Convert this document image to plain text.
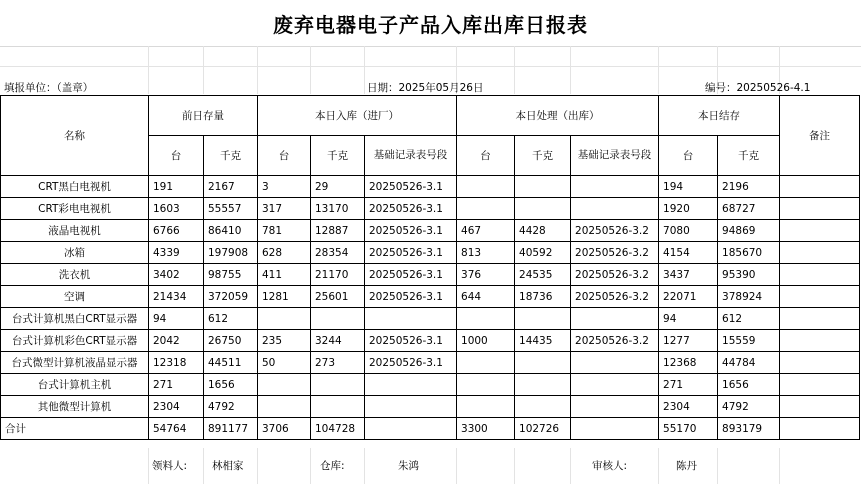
废弃电器电子产品入库出库日报表
填报单位：（盖章）	日期：2025年05月26日	编号：20250526-4.1
名称	前日存量		本日入库（进厂）			本日处理（出库）			本日结存		备注
	台	千克	台	千克	基础记录表号段	台	千克	基础记录表号段	台	千克	
CRT黑白电视机	191	2167	3	29	20250526-3.1				194	2196	
CRT彩电电视机	1603	55557	317	13170	20250526-3.1				1920	68727	
液晶电视机	6766	86410	781	12887	20250526-3.1	467	4428	20250526-3.2	7080	94869	
冰箱	4339	197908	628	28354	20250526-3.1	813	40592	20250526-3.2	4154	185670	
洗衣机	3402	98755	411	21170	20250526-3.1	376	24535	20250526-3.2	3437	95390	
空调	21434	372059	1281	25601	20250526-3.1	644	18736	20250526-3.2	22071	378924	
台式计算机黑白CRT显示器	94	612							94	612	
台式计算机彩色CRT显示器	2042	26750	235	3244	20250526-3.1	1000	14435	20250526-3.2	1277	15559	
台式微型计算机液晶显示器	12318	44511	50	273	20250526-3.1				12368	44784	
台式计算机主机	271	1656							271	1656	
其他微型计算机	2304	4792							2304	4792	
合计	54764	891177	3706	104728		3300	102726		55170	893179	
领料人: 林相家	仓库:	朱鸿	审核人:	陈丹
